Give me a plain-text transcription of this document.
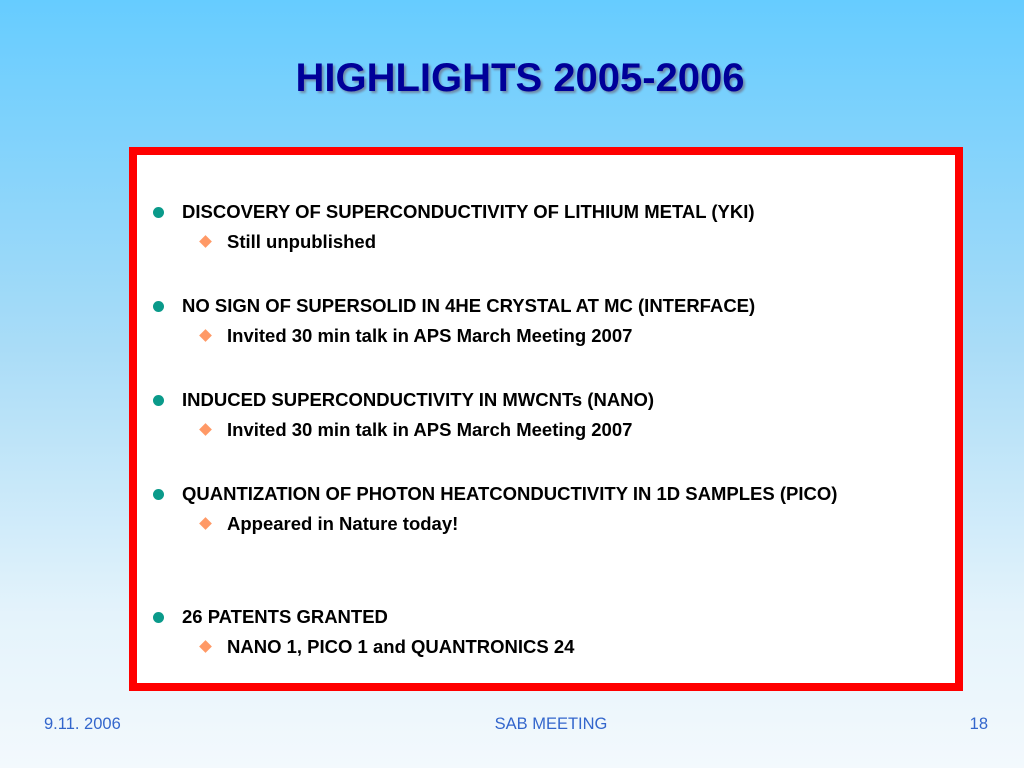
HIGHLIGHTS 2005-2006
DISCOVERY OF SUPERCONDUCTIVITY OF LITHIUM METAL (YKI)
Still unpublished
NO SIGN OF SUPERSOLID IN 4HE CRYSTAL AT MC (INTERFACE)
Invited 30 min talk in APS March Meeting 2007
INDUCED SUPERCONDUCTIVITY IN MWCNTs (NANO)
Invited 30 min talk in APS March Meeting 2007
QUANTIZATION OF PHOTON HEATCONDUCTIVITY IN 1D SAMPLES (PICO)
Appeared in Nature today!
26 PATENTS GRANTED
NANO 1, PICO 1 and QUANTRONICS 24
9.11. 2006	SAB MEETING	18
